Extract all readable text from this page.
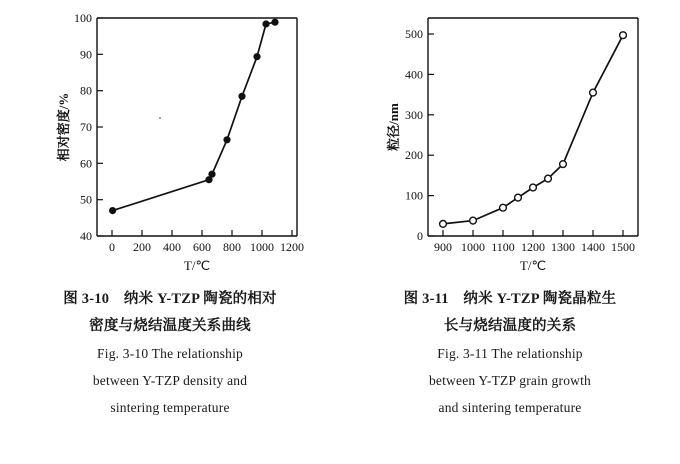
40
50
60
70
80
90
100
0 200 400 600 800 1000 1200
T/℃
相对密度/%
图 3-10　纳米 Y-TZP 陶瓷的相对
密度与烧结温度关系曲线
Fig. 3-10 The relationship
between Y-TZP density and
sintering temperature
0
100
200
300
400
500
900 1000 1100 1200 1300 1400 1500
T/℃
粒径/nm
图 3-11　纳米 Y-TZP 陶瓷晶粒生
长与烧结温度的关系
Fig. 3-11 The relationship
between Y-TZP grain growth
and sintering temperature
